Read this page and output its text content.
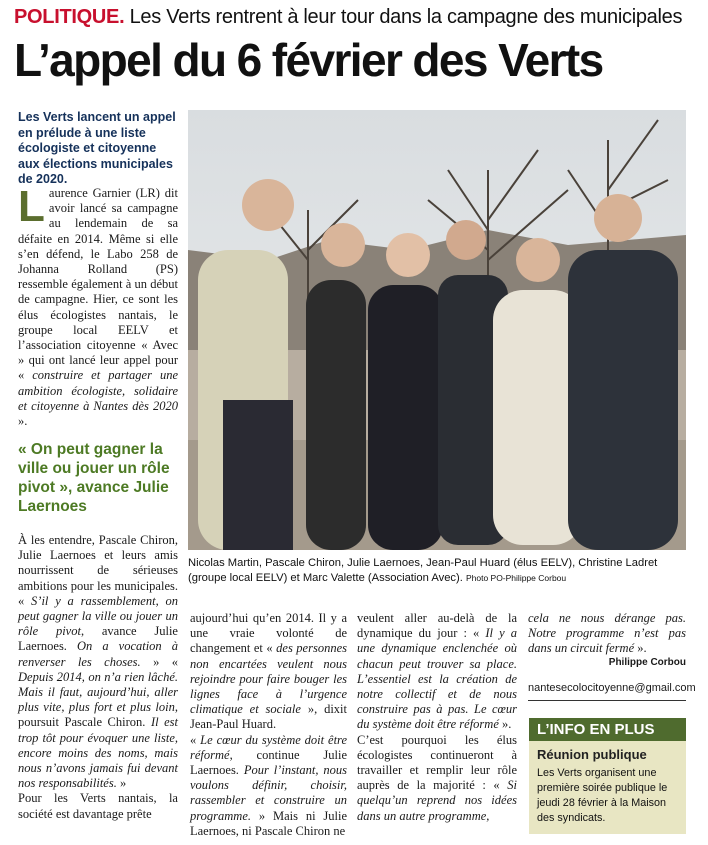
POLITIQUE. Les Verts rentrent à leur tour dans la campagne des municipales
L’appel du 6 février des Verts
Les Verts lancent un appel en prélude à une liste écologiste et citoyenne aux élections municipales de 2020.

Laurence Garnier (LR) dit avoir lancé sa campagne au lendemain de sa défaite en 2014. Même si elle s’en défend, le Labo 258 de Johanna Rolland (PS) ressemble également à un début de campagne. Hier, ce sont les élus écologistes nantais, le groupe local EELV et l’association citoyenne « Avec » qui ont lancé leur appel pour « construire et partager une ambition écologiste, solidaire et citoyenne à Nantes dès 2020 ».

« On peut gagner la ville ou jouer un rôle pivot », avance Julie Laernoes

À les entendre, Pascale Chiron, Julie Laernoes et leurs amis nourrissent de sérieuses ambitions pour les municipales. « S’il y a rassemblement, on peut gagner la ville ou jouer un rôle pivot, avance Julie Laernoes. On a vocation à renverser les choses. » « Depuis 2014, on n’a rien lâché. Mais il faut, aujourd’hui, aller plus vite, plus fort et plus loin, poursuit Pascale Chiron. Il est trop tôt pour évoquer une liste, encore moins des noms, mais nous n’avons jamais fui devant nos responsabilités. »

Pour les Verts nantais, la société est davantage prête

Nicolas Martin, Pascale Chiron, Julie Laernoes, Jean-Paul Huard (élus EELV), Christine Ladret (groupe local EELV) et Marc Valette (Association Avec). Photo PO-Philippe Corbou

aujourd’hui qu’en 2014. Il y a une vraie volonté de changement et « des personnes non encartées veulent nous rejoindre pour faire bouger les lignes face à l’urgence climatique et sociale », dixit Jean-Paul Huard.

« Le cœur du système doit être réformé, continue Julie Laernoes. Pour l’instant, nous voulons définir, choisir, rassembler et construire un programme. » Mais ni Julie Laernoes, ni Pascale Chiron ne

veulent aller au-delà de la dynamique du jour : « Il y a une dynamique enclenchée où chacun peut trouver sa place. L’essentiel est la création de notre collectif et de nous construire pas à pas. Le cœur du système doit être réformé ».

C’est pourquoi les élus écologistes continueront à travailler et remplir leur rôle auprès de la majorité : « Si quelqu’un reprend nos idées dans un autre programme,

cela ne nous dérange pas. Notre programme n’est pas dans un circuit fermé ».

Philippe Corbou
nantesecolocitoyenne@gmail.com
L’INFO EN PLUS
Réunion publique
Les Verts organisent une première soirée publique le jeudi 28 février à la Maison des syndicats.
